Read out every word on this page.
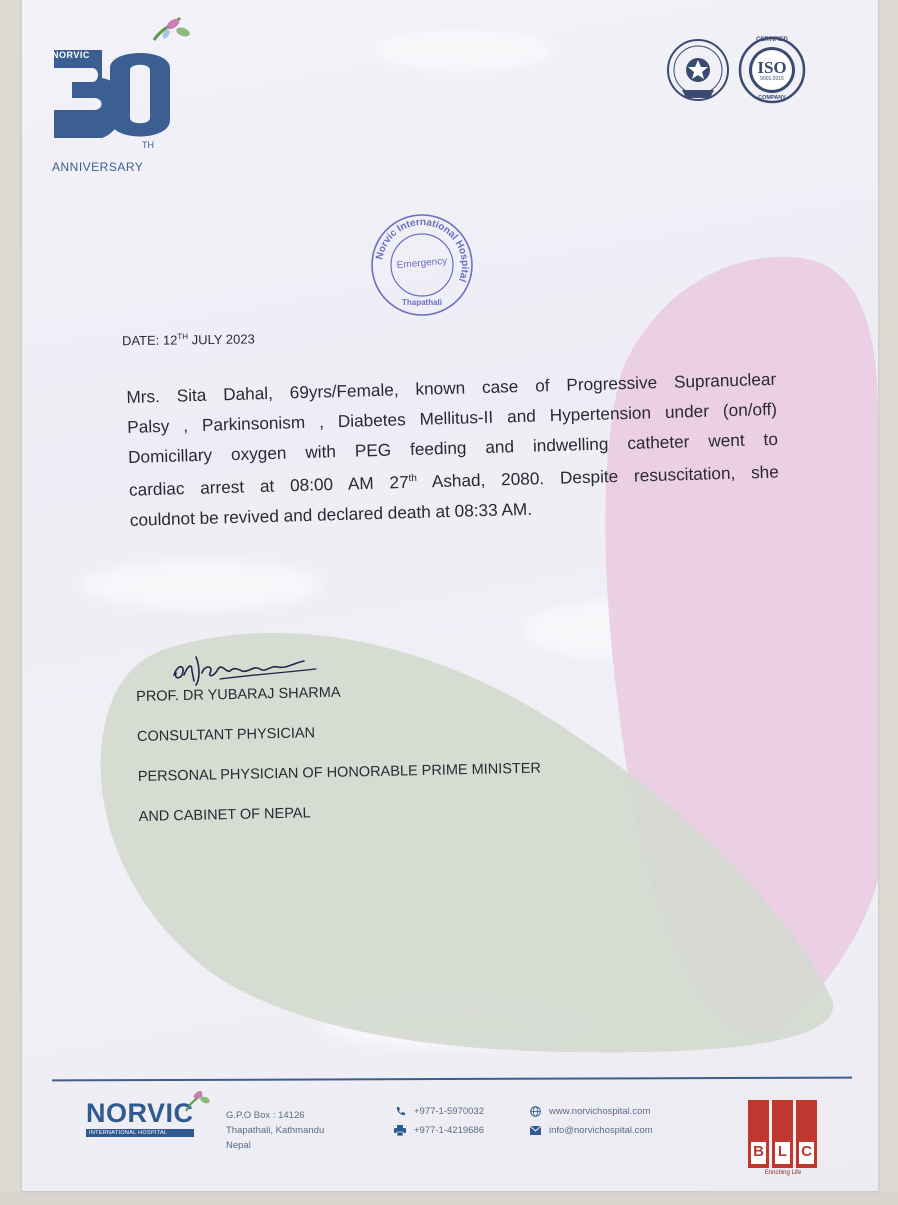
NORVIC
TH
ANNIVERSARY
CERTIFIED
ISO
9001:2015
COMPANY
Norvic International Hospital
Emergency
Thapathali
DATE: 12TH JULY 2023
Mrs. Sita Dahal, 69yrs/Female, known case of Progressive Supranuclear
Palsy , Parkinsonism , Diabetes Mellitus-II and Hypertension under (on/off)
Domicillary oxygen with PEG feeding and indwelling catheter went to
cardiac arrest at 08:00 AM 27th Ashad, 2080. Despite resuscitation, she
couldnot be revived and declared death at 08:33 AM.
PROF. DR YUBARAJ SHARMA
CONSULTANT PHYSICIAN
PERSONAL PHYSICIAN OF HONORABLE PRIME MINISTER
AND CABINET OF NEPAL
NORVIC
INTERNATIONAL HOSPITAL
G.P.O Box : 14126
Thapathali, Kathmandu
Nepal
+977-1-5970032
+977-1-4219686
www.norvichospital.com
info@norvichospital.com
B L C
Enriching Life
